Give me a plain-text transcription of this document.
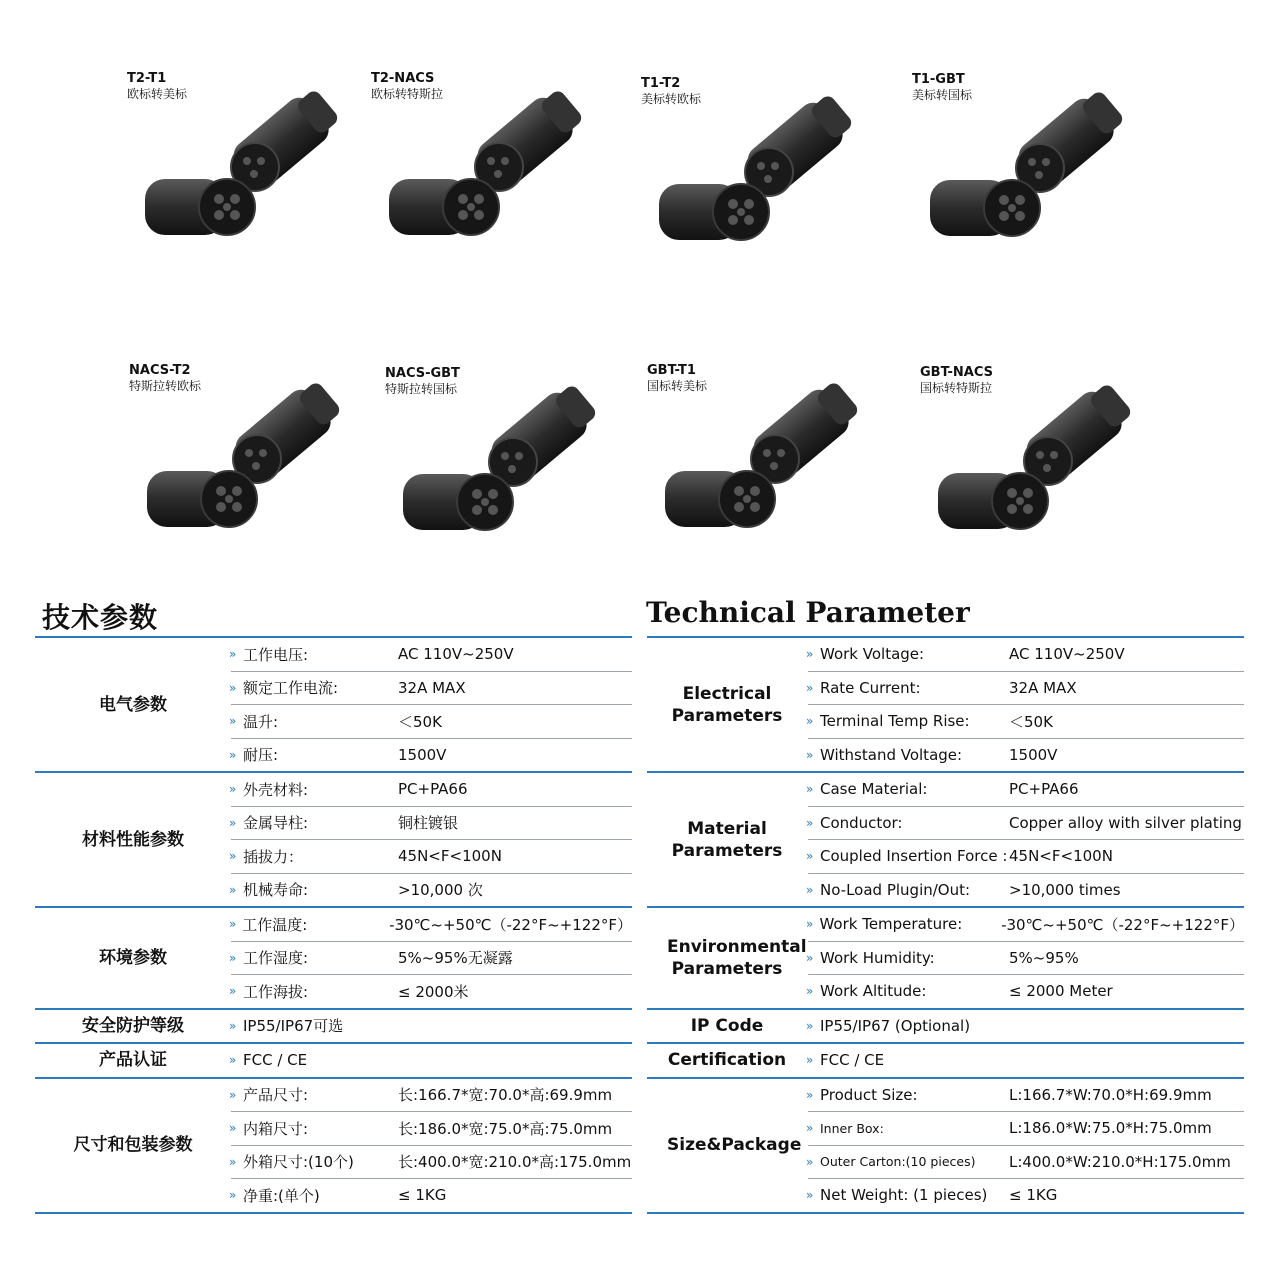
T2-T1
欧标转美标
T2-NACS
欧标转特斯拉
T1-T2
美标转欧标
T1-GBT
美标转国标
NACS-T2
特斯拉转欧标
NACS-GBT
特斯拉转国标
GBT-T1
国标转美标
GBT-NACS
国标转特斯拉
技术参数	Technical Parameter
电气参数
» 工作电压:	AC 110V~250V
» 额定工作电流:	32A MAX
» 温升:	＜50K
» 耐压:	1500V
材料性能参数
» 外壳材料:	PC+PA66
» 金属导柱:	铜柱镀银
» 插拔力：	45N<F<100N
» 机械寿命:	>10,000 次
环境参数
» 工作温度:	-30℃~+50℃（-22°F~+122°F）
» 工作湿度:	5%~95%无凝露
» 工作海拔:	≤ 2000米
安全防护等级	» IP55/IP67可选
产品认证	» FCC / CE
尺寸和包装参数
» 产品尺寸:	长:166.7*宽:70.0*高:69.9mm
» 内箱尺寸:	长:186.0*宽:75.0*高:75.0mm
» 外箱尺寸:(10个)	长:400.0*宽:210.0*高:175.0mm
» 净重:(单个)	≤ 1KG
Electrical Parameters
» Work Voltage:	AC 110V~250V
» Rate Current:	32A MAX
» Terminal Temp Rise:	＜50K
» Withstand Voltage:	1500V
Material Parameters
» Case Material:	PC+PA66
» Conductor:	Copper alloy with silver plating
» Coupled Insertion Force : 45N<F<100N
» No-Load Plugin/Out:	>10,000 times
Environmental Parameters
» Work Temperature:	-30℃~+50℃（-22°F~+122°F）
» Work Humidity:	5%~95%
» Work Altitude:	≤ 2000 Meter
IP Code	» IP55/IP67 (Optional)
Certification » FCC / CE
Size&Package
» Product Size:	L:166.7*W:70.0*H:69.9mm
» Inner Box:	L:186.0*W:75.0*H:75.0mm
» Outer Carton:(10 pieces)	L:400.0*W:210.0*H:175.0mm
» Net Weight: (1 pieces)	≤ 1KG
